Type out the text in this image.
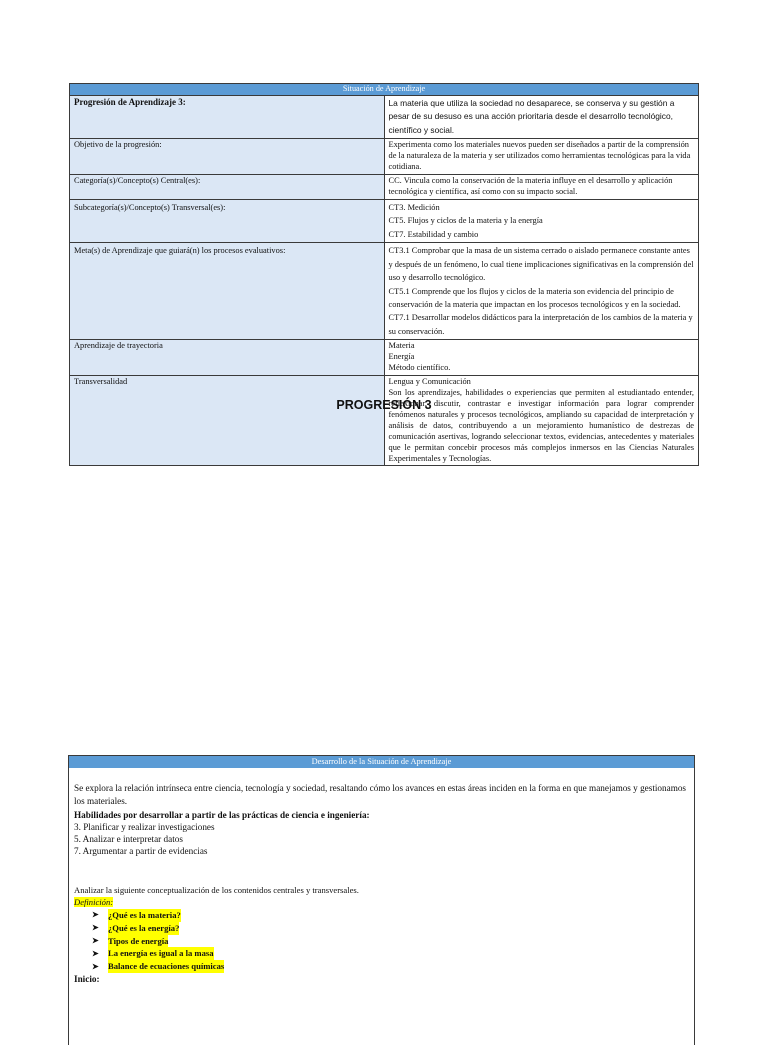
Situación de Aprendizaje	
Progresión de Aprendizaje 3:	La materia que utiliza la sociedad no desaparece, se conserva y su gestión a pesar de su desuso es una acción prioritaria desde el desarrollo tecnológico, científico y social.
Objetivo de la progresión:	Experimenta como los materiales nuevos pueden ser diseñados a partir de la comprensión de la naturaleza de la materia y ser utilizados como herramientas tecnológicas para la vida cotidiana.
Categoría(s)/Concepto(s) Central(es):	CC. Vincula como la conservación de la materia influye en el desarrollo y aplicación tecnológica y científica, así como con su impacto social.
Subcategoría(s)/Concepto(s) Transversal(es):	CT3. Medición
CT5. Flujos y ciclos de la materia y la energía
CT7. Estabilidad y cambio

Meta(s) de Aprendizaje que guiará(n) los procesos evaluativos:	CT3.1 Comprobar que la masa de un sistema cerrado o aislado permanece constante antes y después de un fenómeno, lo cual tiene implicaciones significativas en la comprensión del uso y desarrollo tecnológico.
CT5.1 Comprende que los flujos y ciclos de la materia son evidencia del principio de conservación de la materia que impactan en los procesos tecnológicos y en la sociedad.
CT7.1 Desarrollar modelos didácticos para la interpretación de los cambios de la materia y su conservación.

Aprendizaje de trayectoria	Materia
Energía
Método científico.

Transversalidad	Lengua y Comunicación
Son los aprendizajes, habilidades o experiencias que permiten al estudiantado entender, reflexionar, discutir, contrastar e investigar información para lograr comprender fenómenos naturales y procesos tecnológicos, ampliando su capacidad de interpretación y análisis de datos, contribuyendo a un mejoramiento humanístico de destrezas de comunicación asertivas, logrando seleccionar textos, evidencias, antecedentes y materiales que le permitan concebir procesos más complejos inmersos en las Ciencias Naturales Experimentales y Tecnologías.
PROGRESIÓN 3
Desarrollo de la Situación de Aprendizaje

Se explora la relación intrínseca entre ciencia, tecnología y sociedad, resaltando cómo los avances en estas áreas inciden en la forma en que manejamos y gestionamos los materiales.

Habilidades por desarrollar a partir de las prácticas de ciencia e ingeniería:

3. Planificar y realizar investigaciones
5. Analizar e interpretar datos
7. Argumentar a partir de evidencias

Analizar la siguiente conceptualización de los contenidos centrales y transversales.

Definición:

➤	¿Qué es la materia?
➤	¿Qué es la energía?
➤	Tipos de energía
➤	La energía es igual a la masa
➤	Balance de ecuaciones químicas

Inicio:
